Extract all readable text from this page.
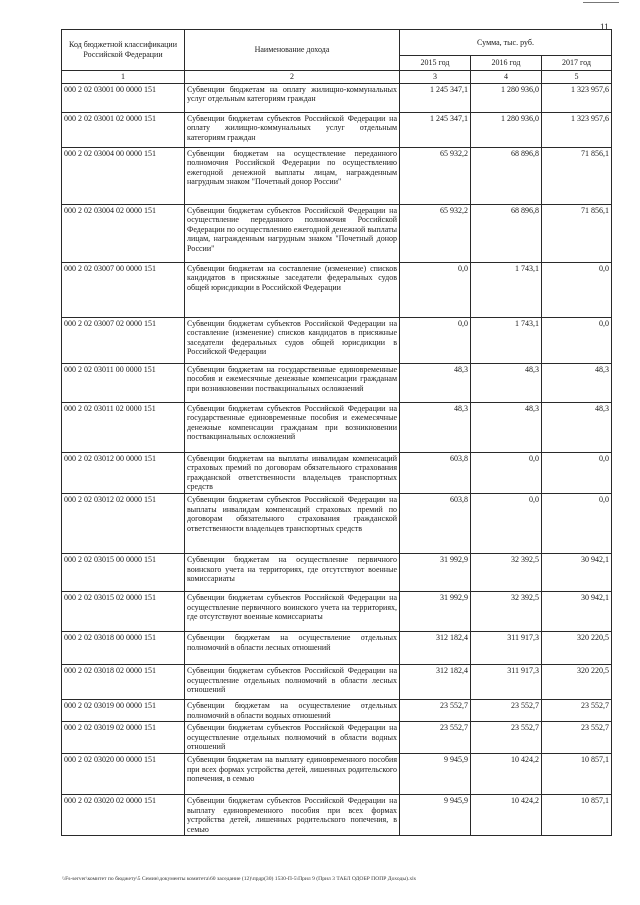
11
Код бюджетной классификации Российской Федерации	Наименование дохода	Сумма, тыс. руб.		
		2015 год	2016 год	2017 год
1	2	3	4	5
000 2 02 03001 00 0000 151	Субвенции бюджетам на оплату жилищно-коммунальных услуг отдельным категориям граждан	1 245 347,1	1 280 936,0	1 323 957,6
000 2 02 03001 02 0000 151	Субвенции бюджетам субъектов Российской Федерации на оплату жилищно-коммунальных услуг отдельным категориям граждан	1 245 347,1	1 280 936,0	1 323 957,6
000 2 02 03004 00 0000 151	Субвенции бюджетам на осуществление переданного полномочия Российской Федерации по осуществлению ежегодной денежной выплаты лицам, награжденным нагрудным знаком "Почетный донор России"	65 932,2	68 896,8	71 856,1
000 2 02 03004 02 0000 151	Субвенции бюджетам субъектов Российской Федерации на осуществление переданного полномочия Российской Федерации по осуществлению ежегодной денежной выплаты лицам, награжденным нагрудным знаком "Почетный донор России"	65 932,2	68 896,8	71 856,1
000 2 02 03007 00 0000 151	Субвенции бюджетам на составление (изменение) списков кандидатов в присяжные заседатели федеральных судов общей юрисдикции в Российской Федерации	0,0	1 743,1	0,0
000 2 02 03007 02 0000 151	Субвенции бюджетам субъектов Российской Федерации на составление (изменение) списков кандидатов в присяжные заседатели федеральных судов общей юрисдикции в Российской Федерации	0,0	1 743,1	0,0
000 2 02 03011 00 0000 151	Субвенции бюджетам на государственные единовременные пособия и ежемесячные денежные компенсации гражданам при возникновении поствакцинальных осложнений	48,3	48,3	48,3
000 2 02 03011 02 0000 151	Субвенции бюджетам субъектов Российской Федерации на государственные единовременные пособия и ежемесячные денежные компенсации гражданам при возникновении поствакцинальных осложнений	48,3	48,3	48,3
000 2 02 03012 00 0000 151	Субвенции бюджетам на выплаты инвалидам компенсаций страховых премий по договорам обязательного страхования гражданской ответственности владельцев транспортных средств	603,8	0,0	0,0
000 2 02 03012 02 0000 151	Субвенции бюджетам субъектов Российской Федерации на выплаты инвалидам компенсаций страховых премий по договорам обязательного страхования гражданской ответственности владельцев транспортных средств	603,8	0,0	0,0
000 2 02 03015 00 0000 151	Субвенции бюджетам на осуществление первичного воинского учета на территориях, где отсутствуют военные комиссариаты	31 992,9	32 392,5	30 942,1
000 2 02 03015 02 0000 151	Субвенции бюджетам субъектов Российской Федерации на осуществление первичного воинского учета на территориях, где отсутствуют военные комиссариаты	31 992,9	32 392,5	30 942,1
000 2 02 03018 00 0000 151	Субвенции бюджетам на осуществление отдельных полномочий в области лесных отношений	312 182,4	311 917,3	320 220,5
000 2 02 03018 02 0000 151	Субвенции бюджетам субъектов Российской Федерации на осуществление отдельных полномочий в области лесных отношений	312 182,4	311 917,3	320 220,5
000 2 02 03019 00 0000 151	Субвенции бюджетам на осуществление отдельных полномочий в области водных отношений	23 552,7	23 552,7	23 552,7
000 2 02 03019 02 0000 151	Субвенции бюджетам субъектов Российской Федерации на осуществление отдельных полномочий в области водных отношений	23 552,7	23 552,7	23 552,7
000 2 02 03020 00 0000 151	Субвенции бюджетам на выплату единовременного пособия при всех формах устройства детей, лишенных родительского попечения, в семью	9 945,9	10 424,2	10 857,1
000 2 02 03020 02 0000 151	Субвенции бюджетам субъектов Российской Федерации на выплату единовременного пособия при всех формах устройства детей, лишенных родительского попечения, в семью	9 945,9	10 424,2	10 857,1
\\Fs-server\комитет по бюджету\5 Семин\документы комитета\60 заседание (12)\прдр(30) 1530-П-5\Прил 9 (Прил 3 ТАБЛ ОДОБР ПОПР Доходы).xls
